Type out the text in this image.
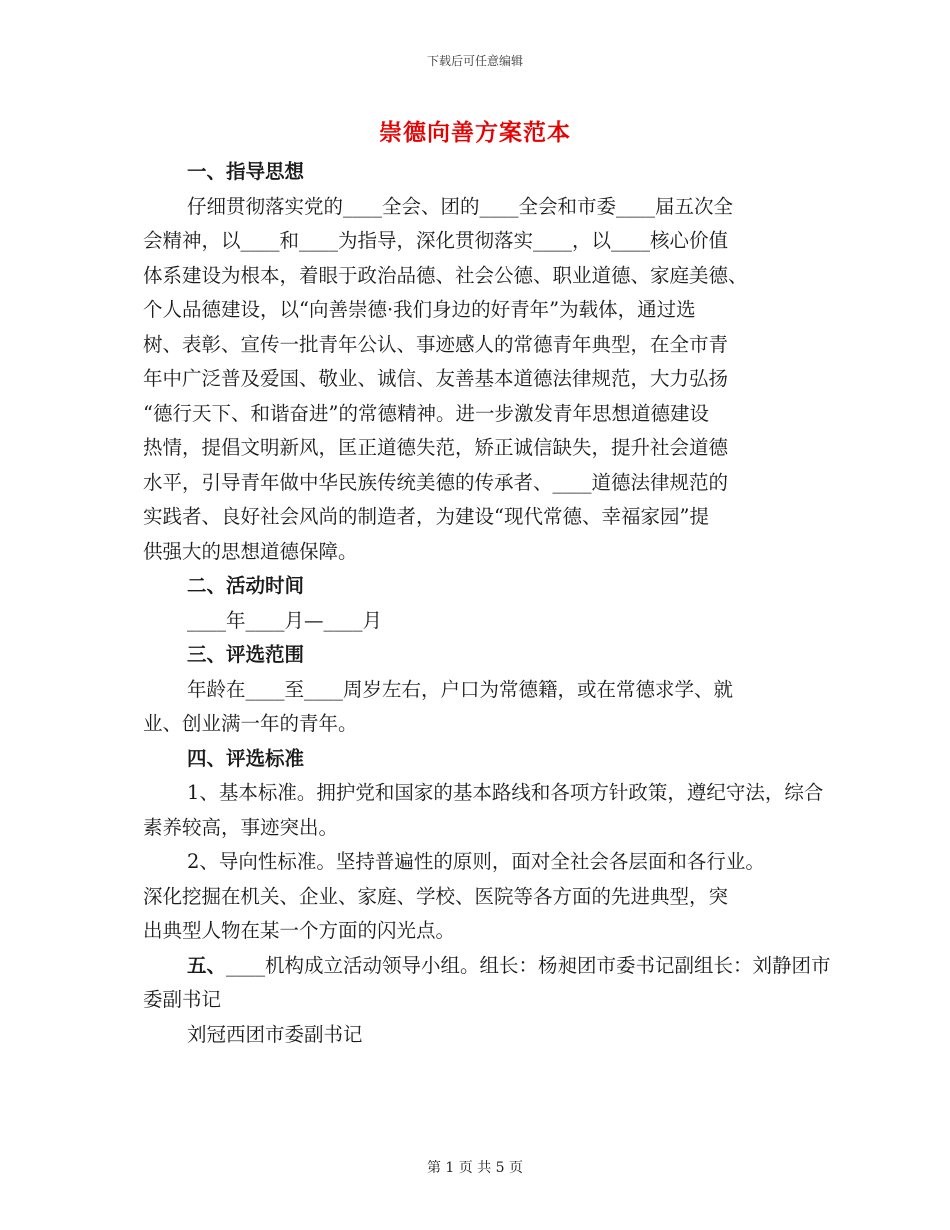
下载后可任意编辑
崇德向善方案范本

一、指导思想

仔细贯彻落实党的____全会、团的____全会和市委____届五次全
会精神，以____和____为指导，深化贯彻落实____，以____核心价值
体系建设为根本，着眼于政治品德、社会公德、职业道德、家庭美德、
个人品德建设，以“向善崇德·我们身边的好青年”为载体，通过选
树、表彰、宣传一批青年公认、事迹感人的常德青年典型，在全市青
年中广泛普及爱国、敬业、诚信、友善基本道德法律规范，大力弘扬
“德行天下、和谐奋进”的常德精神。进一步激发青年思想道德建设
热情，提倡文明新风，匡正道德失范，矫正诚信缺失，提升社会道德
水平，引导青年做中华民族传统美德的传承者、____道德法律规范的
实践者、良好社会风尚的制造者，为建设“现代常德、幸福家园”提
供强大的思想道德保障。

二、活动时间

____年____月—____月

三、评选范围

年龄在____至____周岁左右，户口为常德籍，或在常德求学、就
业、创业满一年的青年。

四、评选标准

1、基本标准。拥护党和国家的基本路线和各项方针政策，遵纪守法，综合素养较高，事迹突出。

2、导向性标准。坚持普遍性的原则，面对全社会各层面和各行业。
深化挖掘在机关、企业、家庭、学校、医院等各方面的先进典型，突
出典型人物在某一个方面的闪光点。

五、____机构成立活动领导小组。组长：杨昶团市委书记副组长：刘静团市委副书记

刘冠西团市委副书记

第 1 页 共 5 页
